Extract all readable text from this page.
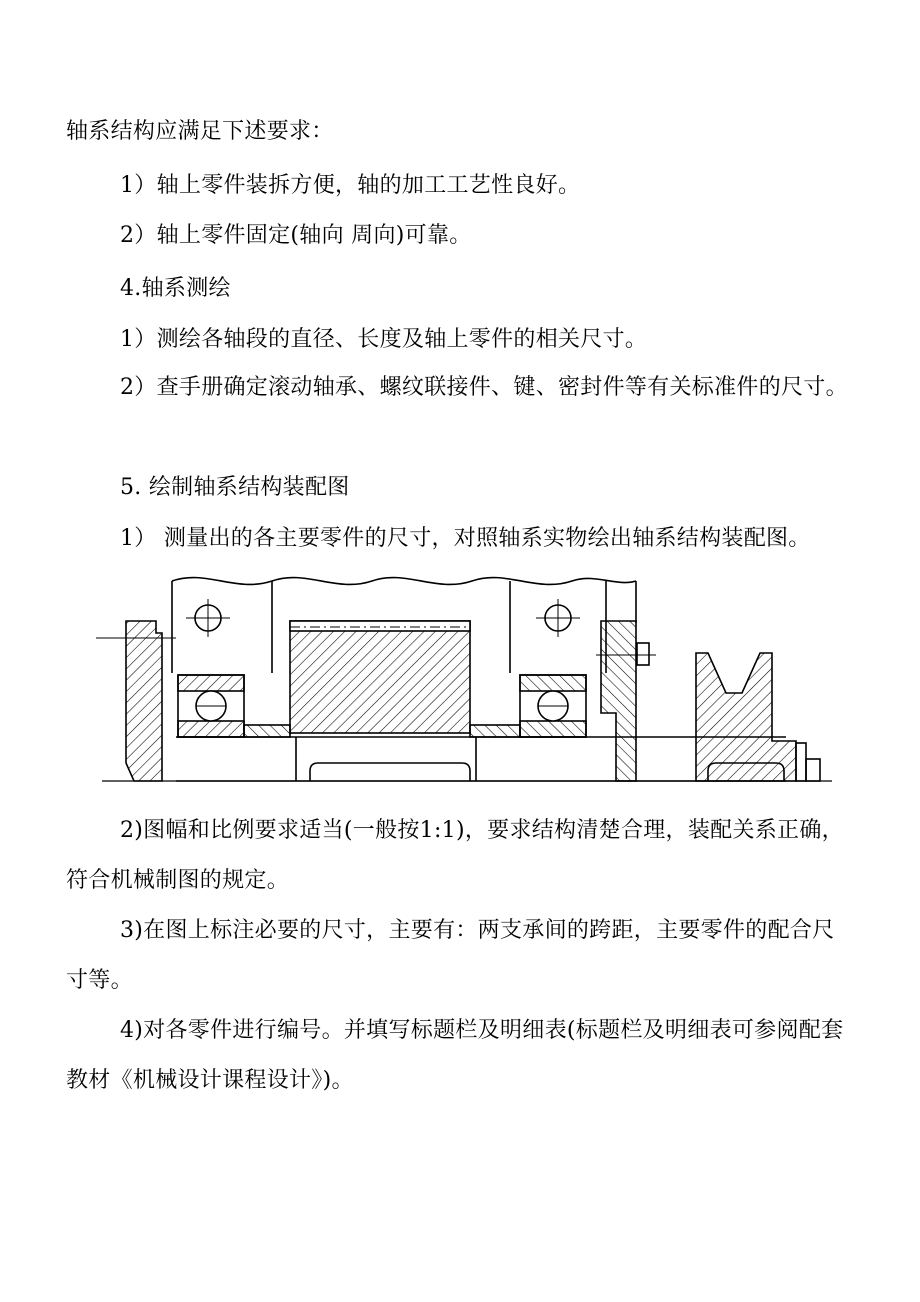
轴系结构应满足下述要求：

1）轴上零件装拆方便，轴的加工工艺性良好。

2）轴上零件固定(轴向 周向)可靠。

4.轴系测绘

1）测绘各轴段的直径、长度及轴上零件的相关尺寸。

2）查手册确定滚动轴承、螺纹联接件、键、密封件等有关标准件的尺寸。

5. 绘制轴系结构装配图

1） 测量出的各主要零件的尺寸，对照轴系实物绘出轴系结构装配图。

2)图幅和比例要求适当(一般按1:1)，要求结构清楚合理，装配关系正确，符合机械制图的规定。

3)在图上标注必要的尺寸，主要有：两支承间的跨距，主要零件的配合尺寸等。

4)对各零件进行编号。并填写标题栏及明细表(标题栏及明细表可参阅配套教材《机械设计课程设计》)。
